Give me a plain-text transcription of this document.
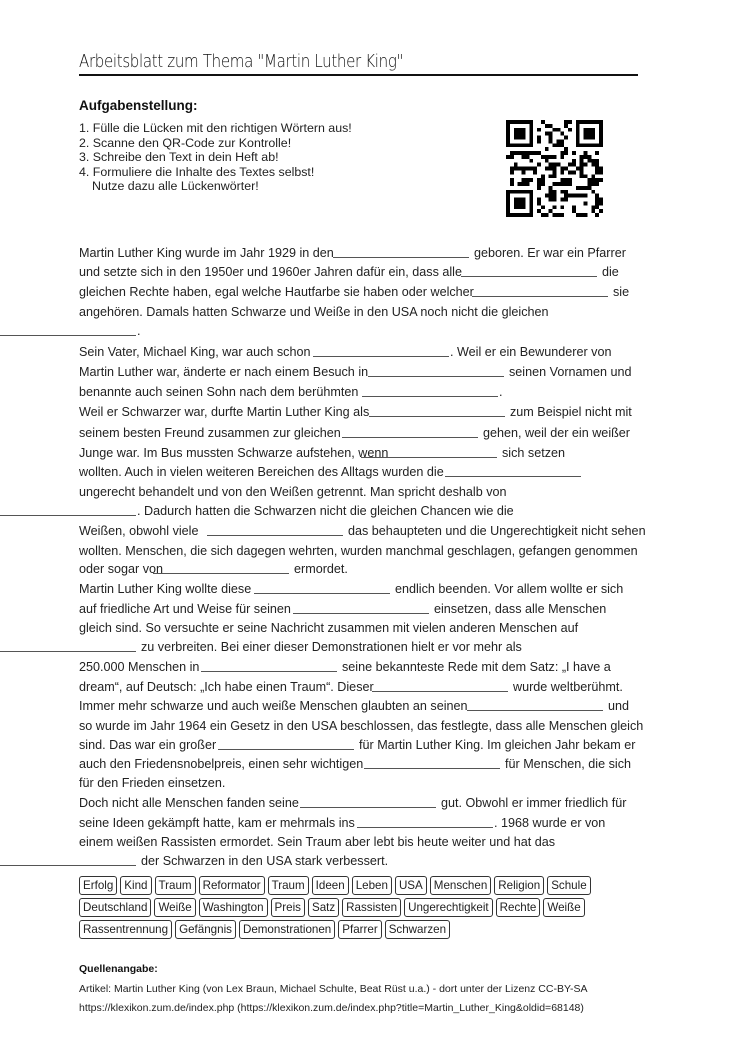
Arbeitsblatt zum Thema "Martin Luther King"
Aufgabenstellung:
1. Fülle die Lücken mit den richtigen Wörtern aus!
2. Scanne den QR-Code zur Kontrolle!
3. Schreibe den Text in dein Heft ab!
4. Formuliere die Inhalte des Textes selbst!
Nutze dazu alle Lückenwörter!
Martin Luther King wurde im Jahr 1929 in den	geboren. Er war ein Pfarrer
und setzte sich in den 1950er und 1960er Jahren dafür ein, dass alle	die
gleichen Rechte haben, egal welche Hautfarbe sie haben oder welcher	sie
angehören. Damals hatten Schwarze und Weiße in den USA noch nicht die gleichen
.
Sein Vater, Michael King, war auch schon	. Weil er ein Bewunderer von
Martin Luther war, änderte er nach einem Besuch in	seinen Vornamen und
benannte auch seinen Sohn nach dem berühmten	.
Weil er Schwarzer war, durfte Martin Luther King als	zum Beispiel nicht mit
seinem besten Freund zusammen zur gleichen	gehen, weil der ein weißer
Junge war. Im Bus mussten Schwarze aufstehen, wenn	sich setzen
wollten. Auch in vielen weiteren Bereichen des Alltags wurden die
ungerecht behandelt und von den Weißen getrennt. Man spricht deshalb von
. Dadurch hatten die Schwarzen nicht die gleichen Chancen wie die
Weißen, obwohl viele	das behaupteten und die Ungerechtigkeit nicht sehen
wollten. Menschen, die sich dagegen wehrten, wurden manchmal geschlagen, gefangen genommen
oder sogar von	ermordet.
Martin Luther King wollte diese	endlich beenden. Vor allem wollte er sich
auf friedliche Art und Weise für seinen	einsetzen, dass alle Menschen
gleich sind. So versuchte er seine Nachricht zusammen mit vielen anderen Menschen auf
zu verbreiten. Bei einer dieser Demonstrationen hielt er vor mehr als
250.000 Menschen in	seine bekannteste Rede mit dem Satz: „I have a
dream“, auf Deutsch: „Ich habe einen Traum“. Dieser	wurde weltberühmt.
Immer mehr schwarze und auch weiße Menschen glaubten an seinen	und
so wurde im Jahr 1964 ein Gesetz in den USA beschlossen, das festlegte, dass alle Menschen gleich
sind. Das war ein großer	für Martin Luther King. Im gleichen Jahr bekam er
auch den Friedensnobelpreis, einen sehr wichtigen	für Menschen, die sich
für den Frieden einsetzen.
Doch nicht alle Menschen fanden seine	gut. Obwohl er immer friedlich für
seine Ideen gekämpft hatte, kam er mehrmals ins	. 1968 wurde er von
einem weißen Rassisten ermordet. Sein Traum aber lebt bis heute weiter und hat das
der Schwarzen in den USA stark verbessert.
Erfolg Kind Traum Reformator Traum Ideen Leben USA Menschen Religion Schule
Deutschland Weiße Washington Preis Satz Rassisten Ungerechtigkeit Rechte Weiße
Rassentrennung Gefängnis Demonstrationen Pfarrer Schwarzen
Quellenangabe:
Artikel: Martin Luther King (von Lex Braun, Michael Schulte, Beat Rüst u.a.) - dort unter der Lizenz CC-BY-SA
https://klexikon.zum.de/index.php (https://klexikon.zum.de/index.php?title=Martin_Luther_King&oldid=68148)
